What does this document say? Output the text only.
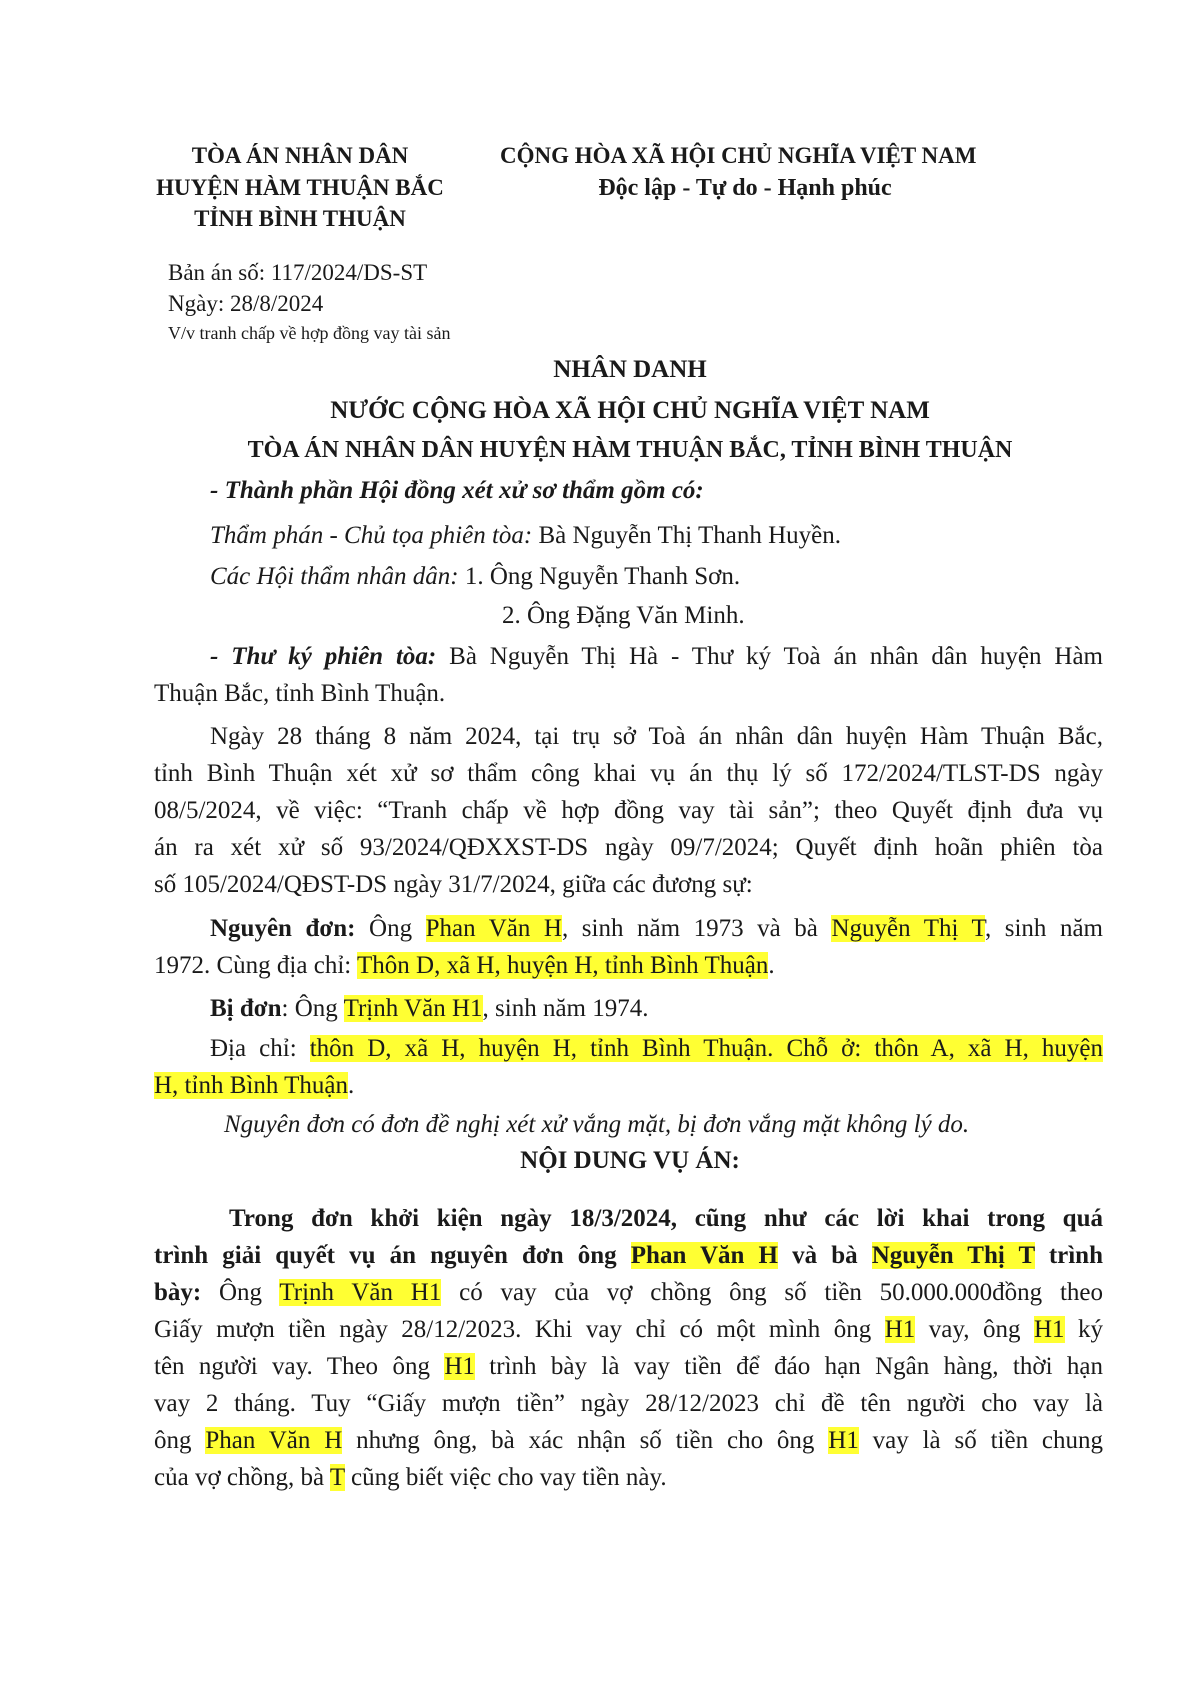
TÒA ÁN NHÂN DÂN
HUYỆN HÀM THUẬN BẮC
TỈNH BÌNH THUẬN
CỘNG HÒA XÃ HỘI CHỦ NGHĨA VIỆT NAM
Độc lập - Tự do - Hạnh phúc
Bản án số: 117/2024/DS-ST
Ngày: 28/8/2024
V/v tranh chấp về hợp đồng vay tài sản
NHÂN DANH
NƯỚC CỘNG HÒA XÃ HỘI CHỦ NGHĨA VIỆT NAM
TÒA ÁN NHÂN DÂN HUYỆN HÀM THUẬN BẮC, TỈNH BÌNH THUẬN
- Thành phần Hội đồng xét xử sơ thẩm gồm có:
Thẩm phán - Chủ tọa phiên tòa: Bà Nguyễn Thị Thanh Huyền.
Các Hội thẩm nhân dân: 1. Ông Nguyễn Thanh Sơn.
2. Ông Đặng Văn Minh.
- Thư ký phiên tòa: Bà Nguyễn Thị Hà - Thư ký Toà án nhân dân huyện Hàm
Thuận Bắc, tỉnh Bình Thuận.
Ngày 28 tháng 8 năm 2024, tại trụ sở Toà án nhân dân huyện Hàm Thuận Bắc,
tỉnh Bình Thuận xét xử sơ thẩm công khai vụ án thụ lý số 172/2024/TLST-DS ngày
08/5/2024, về việc: “Tranh chấp về hợp đồng vay tài sản”; theo Quyết định đưa vụ
án ra xét xử số 93/2024/QĐXXST-DS ngày 09/7/2024; Quyết định hoãn phiên tòa
số 105/2024/QĐST-DS ngày 31/7/2024, giữa các đương sự:
Nguyên đơn: Ông Phan Văn H, sinh năm 1973 và bà Nguyễn Thị T, sinh năm
1972. Cùng địa chỉ: Thôn D, xã H, huyện H, tỉnh Bình Thuận.
Bị đơn: Ông Trịnh Văn H1, sinh năm 1974.
Địa chỉ: thôn D, xã H, huyện H, tỉnh Bình Thuận. Chỗ ở: thôn A, xã H, huyện
H, tỉnh Bình Thuận.
Nguyên đơn có đơn đề nghị xét xử vắng mặt, bị đơn vắng mặt không lý do.
NỘI DUNG VỤ ÁN:
Trong đơn khởi kiện ngày 18/3/2024, cũng như các lời khai trong quá
trình giải quyết vụ án nguyên đơn ông Phan Văn H và bà Nguyễn Thị T trình
bày: Ông Trịnh Văn H1 có vay của vợ chồng ông số tiền 50.000.000đồng theo
Giấy mượn tiền ngày 28/12/2023. Khi vay chỉ có một mình ông H1 vay, ông H1 ký
tên người vay. Theo ông H1 trình bày là vay tiền để đáo hạn Ngân hàng, thời hạn
vay 2 tháng. Tuy “Giấy mượn tiền” ngày 28/12/2023 chỉ đề tên người cho vay là
ông Phan Văn H nhưng ông, bà xác nhận số tiền cho ông H1 vay là số tiền chung
của vợ chồng, bà T cũng biết việc cho vay tiền này.
